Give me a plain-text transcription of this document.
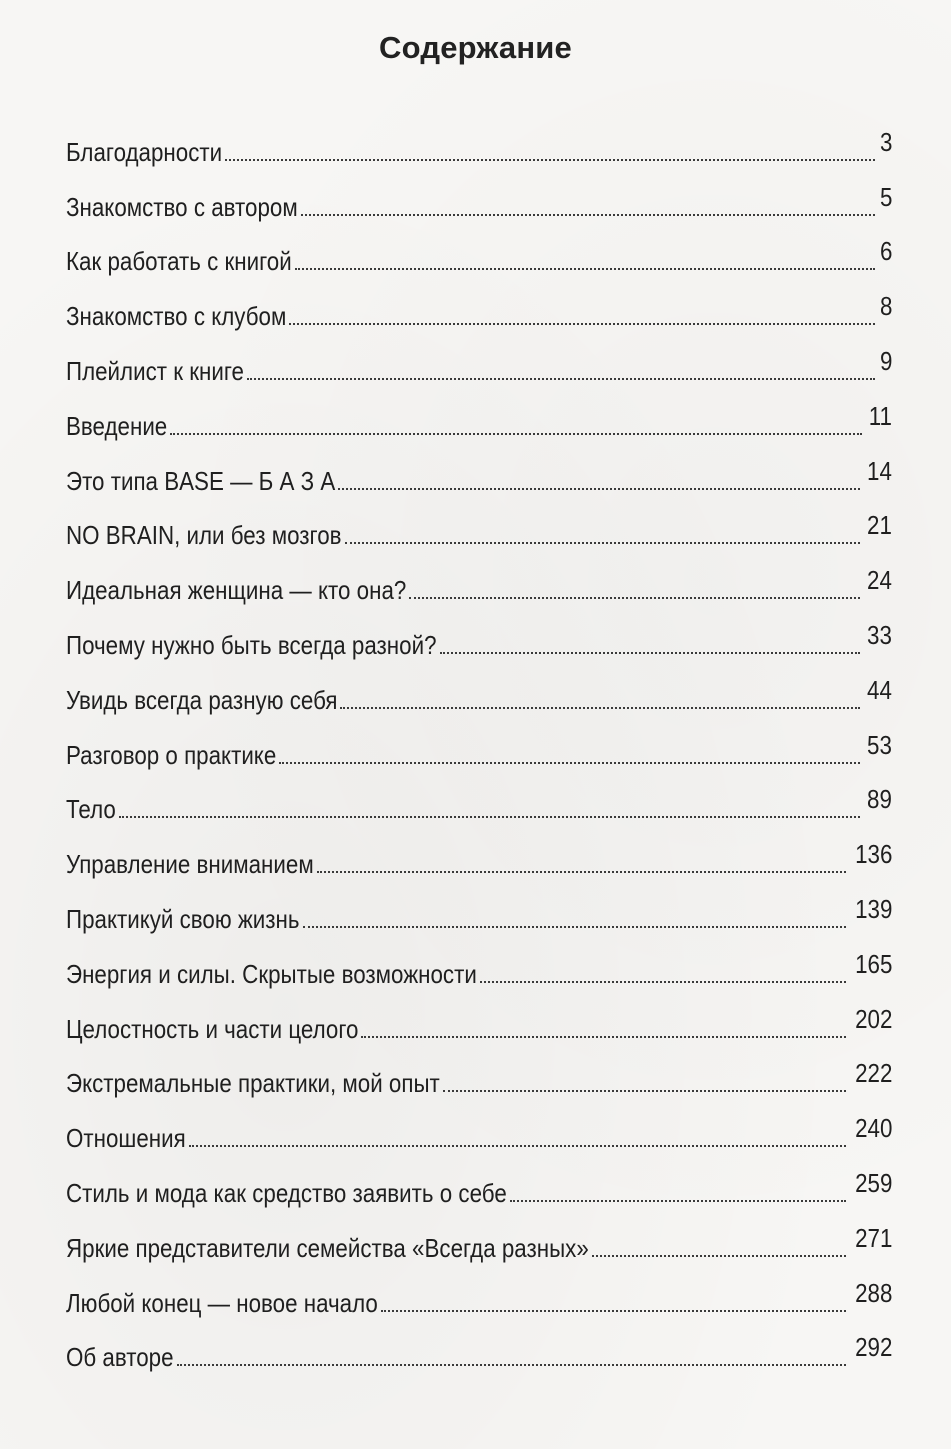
Содержание
Благодарности	3
Знакомство с автором	5
Как работать с книгой	6
Знакомство с клубом	8
Плейлист к книге	9
Введение	11
Это типа BASE — Б А З А	14
NO BRAIN, или без мозгов	21
Идеальная женщина — кто она?	24
Почему нужно быть всегда разной?	33
Увидь всегда разную себя	44
Разговор о практике	53
Тело	89
Управление вниманием	136
Практикуй свою жизнь	139
Энергия и силы. Скрытые возможности	165
Целостность и части целого	202
Экстремальные практики, мой опыт	222
Отношения	240
Стиль и мода как средство заявить о себе	259
Яркие представители семейства «Всегда разных»	271
Любой конец — новое начало	288
Об авторе	292
